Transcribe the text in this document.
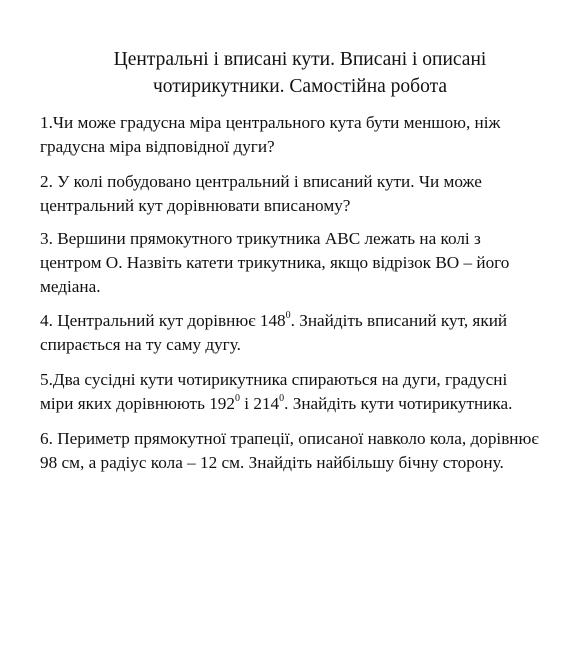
Центральні і вписані кути. Вписані і описані
чотирикутники. Самостійна робота
1.Чи може градусна міра центрального кута бути меншою, ніж
градусна міра відповідної дуги?
2. У колі побудовано центральний і вписаний кути. Чи може
центральний кут дорівнювати вписаному?
3. Вершини прямокутного трикутника АВС лежать на колі з
центром О. Назвіть катети трикутника, якщо відрізок ВО – його
медіана.
4. Центральний кут дорівнює $148^0$. Знайдіть вписаний кут, який
спирається на ту саму дугу.
5.Два сусідні кути чотирикутника спираються на дуги, градусні
міри яких дорівнюють $192^0$ і $214^0$. Знайдіть кути чотирикутника.
6. Периметр прямокутної трапеції, описаної навколо кола, дорівнює
98 см, а радіус кола – 12 см. Знайдіть найбільшу бічну сторону.
